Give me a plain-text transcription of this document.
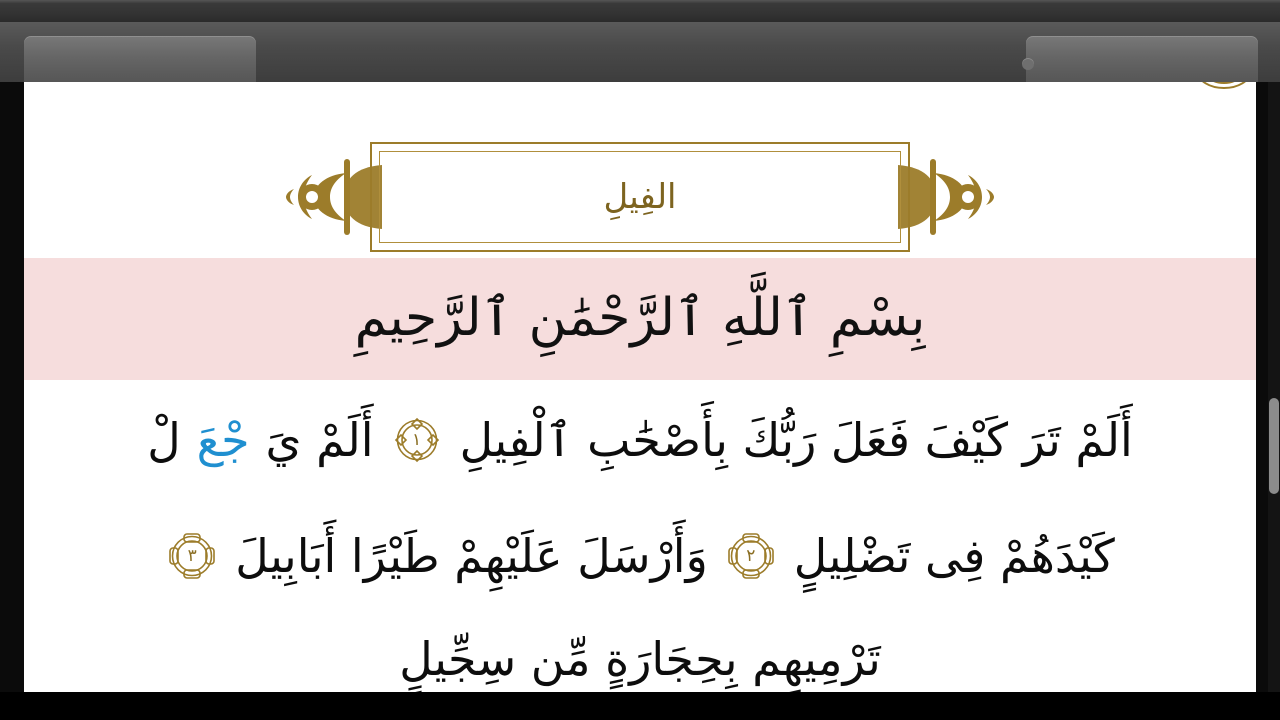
الفِيلِ
بِسْمِ ٱللَّهِ ٱلرَّحْمَٰنِ ٱلرَّحِيمِ
أَلَمْ تَرَ كَيْفَ فَعَلَ رَبُّكَ بِأَصْحَٰبِ ٱلْفِيلِ
١
أَلَمْ يَ
جْعَ
لْ
كَيْدَهُمْ فِى تَضْلِيلٍ
٢
وَأَرْسَلَ عَلَيْهِمْ طَيْرًا أَبَابِيلَ
٣
تَرْمِيهِم بِحِجَارَةٍ مِّن سِجِّيلٍ
